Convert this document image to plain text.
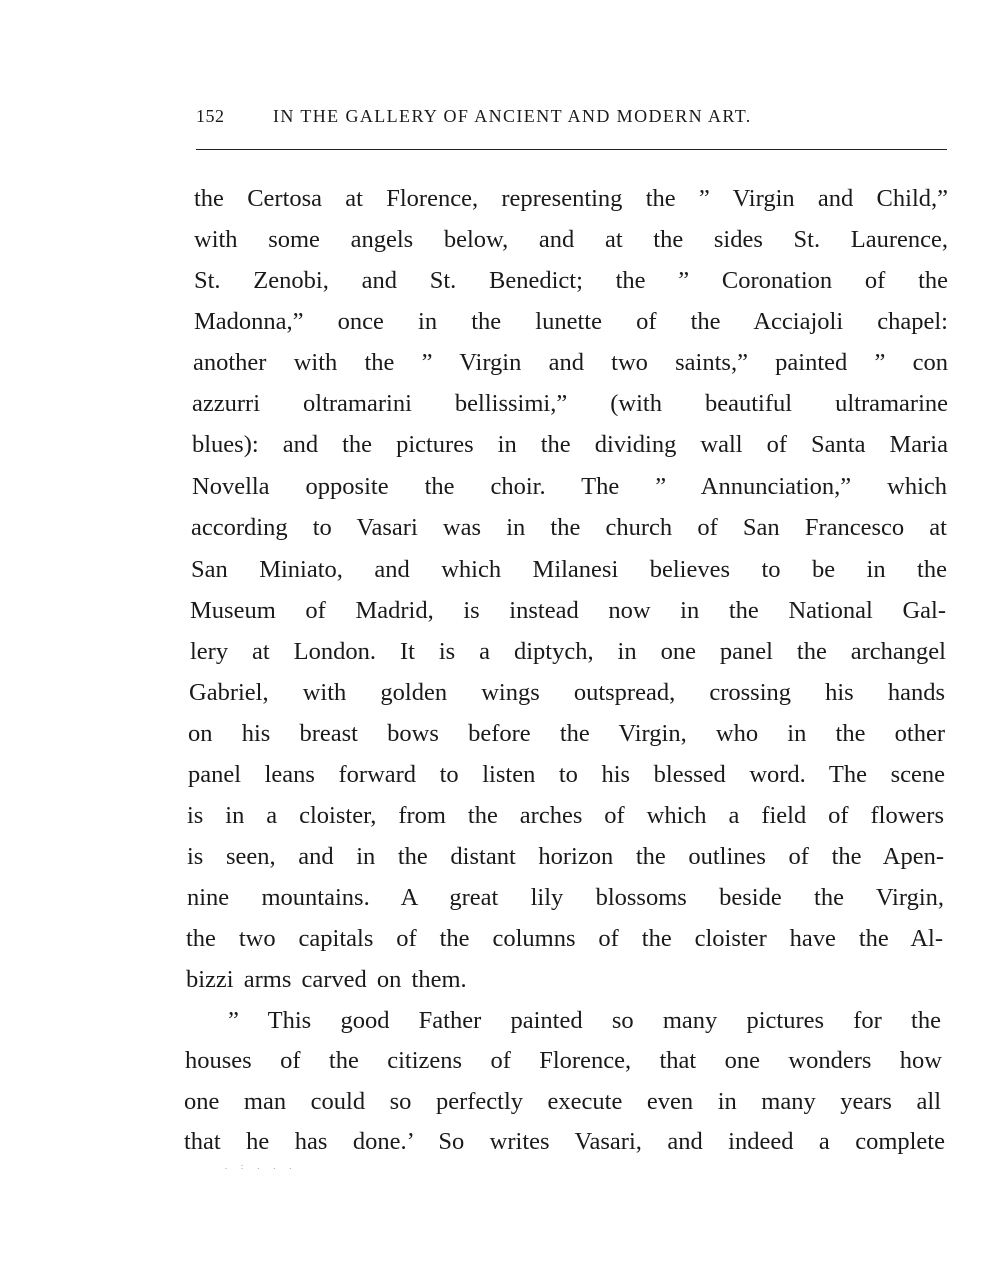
152	IN THE GALLERY OF ANCIENT AND MODERN ART.
the Certosa at Florence, representing the ” Virgin and Child,”
with some angels below, and at the sides St. Laurence,
St. Zenobi, and St. Benedict; the ” Coronation of the
Madonna,” once in the lunette of the Acciajoli chapel:
another with the ” Virgin and two saints,” painted ” con
azzurri oltramarini bellissimi,” (with beautiful ultramarine
blues): and the pictures in the dividing wall of Santa Maria
Novella opposite the choir. The ” Annunciation,” which
according to Vasari was in the church of San Francesco at
San Miniato, and which Milanesi believes to be in the
Museum of Madrid, is instead now in the National Gal-
lery at London. It is a diptych, in one panel the archangel
Gabriel, with golden wings outspread, crossing his hands
on his breast bows before the Virgin, who in the other
panel leans forward to listen to his blessed word. The scene
is in a cloister, from the arches of which a field of flowers
is seen, and in the distant horizon the outlines of the Apen-
nine mountains. A great lily blossoms beside the Virgin,
the two capitals of the columns of the cloister have the Al-
bizzi arms carved on them.
” This good Father painted so many pictures for the
houses of the citizens of Florence, that one wonders how
one man could so perfectly execute even in many years all
that he has done.’ So writes Vasari, and indeed a complete
. : . . .
